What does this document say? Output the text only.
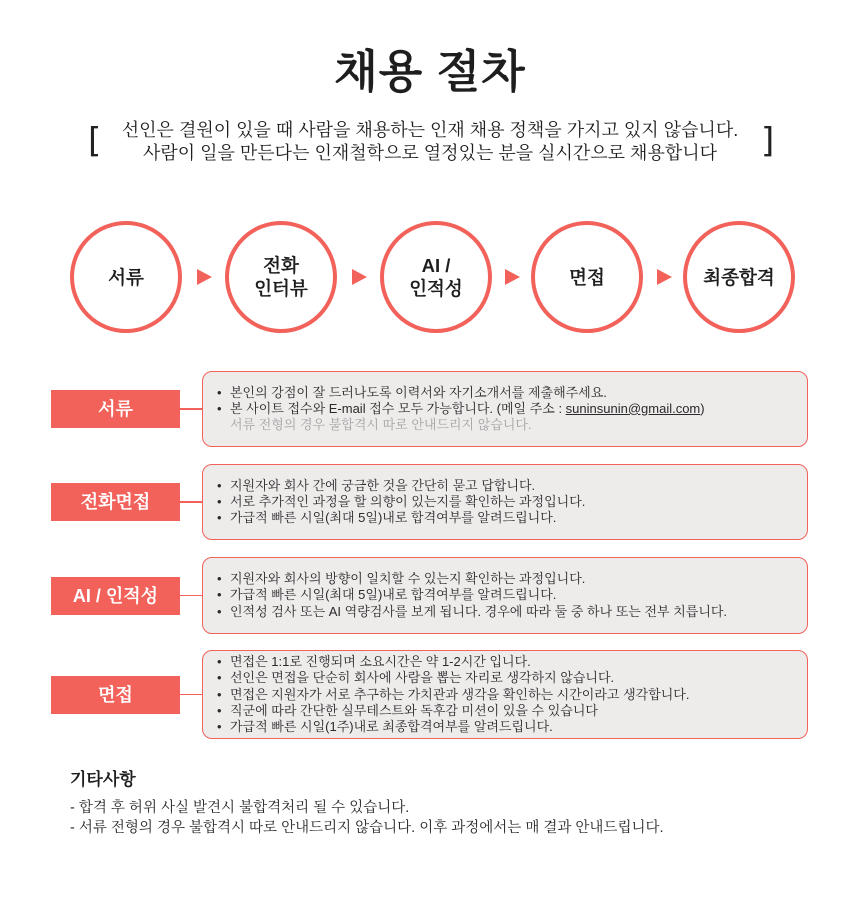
채용 절차
[	선인은 결원이 있을 때 사람을 채용하는 인재 채용 정책을 가지고 있지 않습니다.
사람이 일을 만든다는 인재철학으로 열정있는 분을 실시간으로 채용합니다	]
서류
전화
인터뷰
AI /
인적성
면접	최종합격
서류
• 본인의 강점이 잘 드러나도록 이력서와 자기소개서를 제출해주세요.
• 본 사이트 접수와 E-mail 접수 모두 가능합니다. (메일 주소 : suninsunin@gmail.com)
서류 전형의 경우 불합격시 따로 안내드리지 않습니다.
전화면접
• 지원자와 회사 간에 궁금한 것을 간단히 묻고 답합니다.
• 서로 추가적인 과정을 할 의향이 있는지를 확인하는 과정입니다.
• 가급적 빠른 시일(최대 5일)내로 합격여부를 알려드립니다.
AI / 인적성
• 지원자와 회사의 방향이 일치할 수 있는지 확인하는 과정입니다.
• 가급적 빠른 시일(최대 5일)내로 합격여부를 알려드립니다.
• 인적성 검사 또는 AI 역량검사를 보게 됩니다. 경우에 따라 둘 중 하나 또는 전부 치릅니다.
면접
• 면접은 1:1로 진행되며 소요시간은 약 1-2시간 입니다.
• 선인은 면접을 단순히 회사에 사람을 뽑는 자리로 생각하지 않습니다.
• 면접은 지원자가 서로 추구하는 가치관과 생각을 확인하는 시간이라고 생각합니다.
• 직군에 따라 간단한 실무테스트와 독후감 미션이 있을 수 있습니다
• 가급적 빠른 시일(1주)내로 최종합격여부를 알려드립니다.
기타사항
- 합격 후 허위 사실 발견시 불합격처리 될 수 있습니다.
- 서류 전형의 경우 불합격시 따로 안내드리지 않습니다. 이후 과정에서는 매 결과 안내드립니다.
